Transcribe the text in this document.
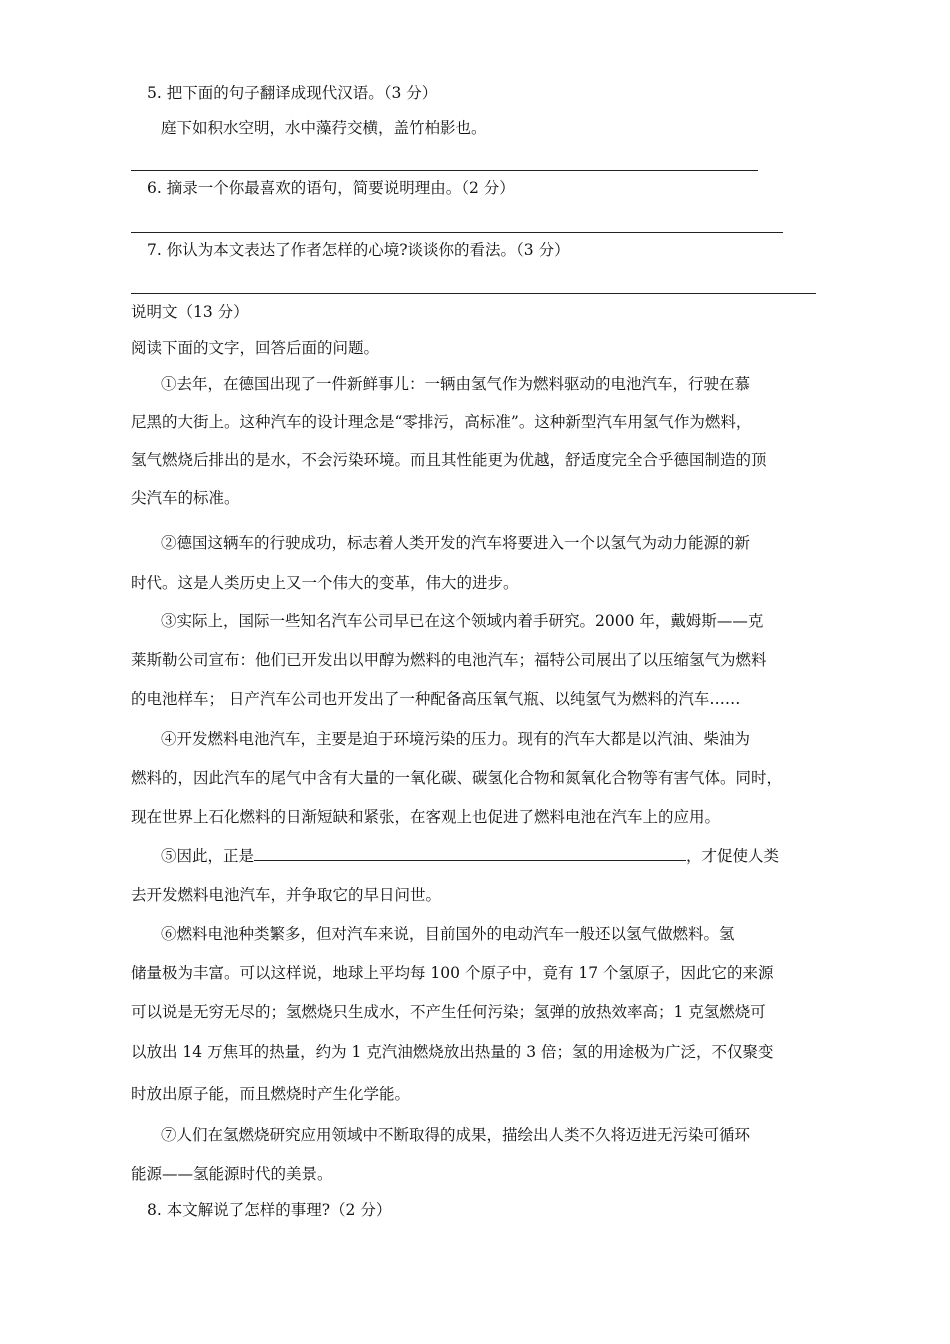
5. 把下面的句子翻译成现代汉语。（3 分）
庭下如积水空明，水中藻荇交横，盖竹柏影也。
6. 摘录一个你最喜欢的语句，简要说明理由。（2 分）
7. 你认为本文表达了作者怎样的心境?谈谈你的看法。（3 分）
说明文（13 分）
阅读下面的文字，回答后面的问题。
①去年，在德国出现了一件新鲜事儿：一辆由氢气作为燃料驱动的电池汽车，行驶在慕
尼黑的大街上。这种汽车的设计理念是“零排污，高标准”。这种新型汽车用氢气作为燃料，
氢气燃烧后排出的是水，不会污染环境。而且其性能更为优越，舒适度完全合乎德国制造的顶
尖汽车的标准。
②德国这辆车的行驶成功，标志着人类开发的汽车将要进入一个以氢气为动力能源的新
时代。这是人类历史上又一个伟大的变革，伟大的进步。
③实际上，国际一些知名汽车公司早已在这个领域内着手研究。2000 年，戴姆斯——克
莱斯勒公司宣布：他们已开发出以甲醇为燃料的电池汽车；福特公司展出了以压缩氢气为燃料
的电池样车； 日产汽车公司也开发出了一种配备高压氧气瓶、以纯氢气为燃料的汽车……
④开发燃料电池汽车，主要是迫于环境污染的压力。现有的汽车大都是以汽油、柴油为
燃料的，因此汽车的尾气中含有大量的一氧化碳、碳氢化合物和氮氧化合物等有害气体。同时，
现在世界上石化燃料的日渐短缺和紧张，在客观上也促进了燃料电池在汽车上的应用。
⑤因此，正是	，才促使人类
去开发燃料电池汽车，并争取它的早日问世。
⑥燃料电池种类繁多，但对汽车来说，目前国外的电动汽车一般还以氢气做燃料。氢
储量极为丰富。可以这样说，地球上平均每 100 个原子中，竟有 17 个氢原子，因此它的来源
可以说是无穷无尽的；氢燃烧只生成水，不产生任何污染；氢弹的放热效率高；1 克氢燃烧可
以放出 14 万焦耳的热量，约为 1 克汽油燃烧放出热量的 3 倍；氢的用途极为广泛，不仅聚变
时放出原子能，而且燃烧时产生化学能。
⑦人们在氢燃烧研究应用领域中不断取得的成果，描绘出人类不久将迈进无污染可循环
能源——氢能源时代的美景。
8. 本文解说了怎样的事理?（2 分）
